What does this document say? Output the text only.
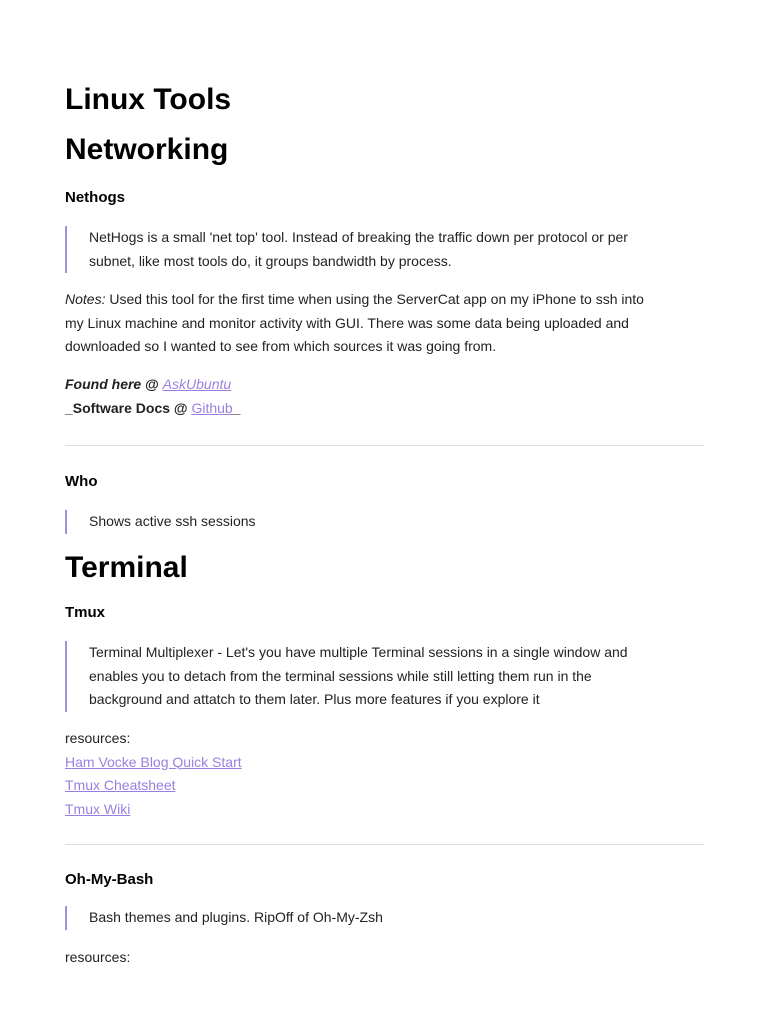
Linux Tools
Networking
Nethogs
NetHogs is a small 'net top' tool. Instead of breaking the traffic down per protocol or per
subnet, like most tools do, it groups bandwidth by process.

Notes: Used this tool for the first time when using the ServerCat app on my iPhone to ssh into

my Linux machine and monitor activity with GUI. There was some data being uploaded and

downloaded so I wanted to see from which sources it was going from.

Found here @ AskUbuntu

_Software Docs @ Github_

Who
Shows active ssh sessions
Terminal
Tmux
Terminal Multiplexer - Let's you have multiple Terminal sessions in a single window and
enables you to detach from the terminal sessions while still letting them run in the
background and attatch to them later. Plus more features if you explore it

resources:

Ham Vocke Blog Quick Start

Tmux Cheatsheet

Tmux Wiki

Oh-My-Bash
Bash themes and plugins. RipOff of Oh-My-Zsh

resources:
